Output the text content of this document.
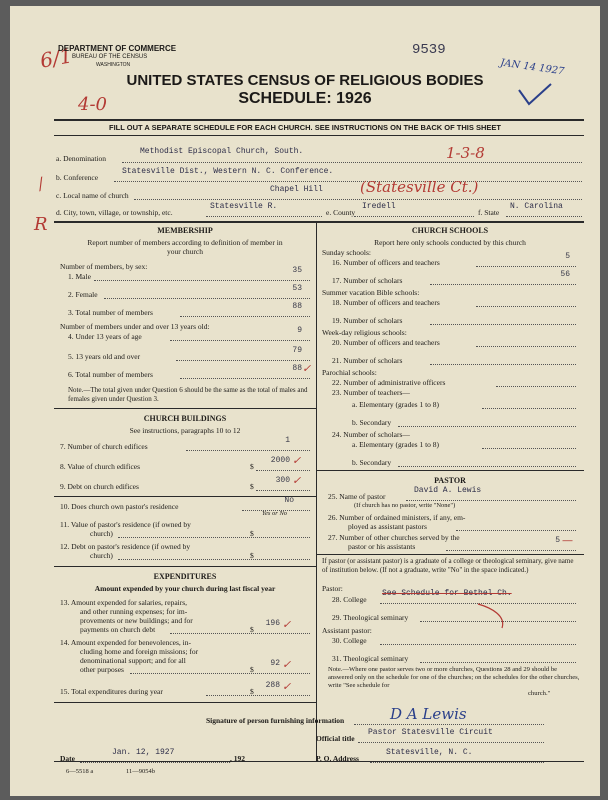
6/1
DEPARTMENT OF COMMERCE
BUREAU OF THE CENSUS
WASHINGTON
9539
JAN 14 1927
UNITED STATES CENSUS OF RELIGIOUS BODIES
SCHEDULE: 1926
4-0
FILL OUT A SEPARATE SCHEDULE FOR EACH CHURCH. SEE INSTRUCTIONS ON THE BACK OF THIS SHEET
a. Denomination
Methodist Episcopal Church, South.	1-3-8
b. Conference
Statesville Dist., Western N. C. Conference.
/
c. Local name of church
Chapel Hill (Statesville Ct.)
R
d. City, town, village, or township, etc.
Statesville R.
e. County
Iredell
f. State
N. Carolina
MEMBERSHIP
Report number of members according to definition of member in your church
Number of members, by sex:
1. Male
35
2. Female
53
3. Total number of members
88
Number of members under and over 13 years old:
4. Under 13 years of age
9
5. 13 years old and over
79
6. Total number of members
88 ✓
Note.—The total given under Question 6 should be the same as the total of males and females given under Question 3.
CHURCH BUILDINGS
See instructions, paragraphs 10 to 12
7. Number of church edifices
1
8. Value of church edifices	$
2000 ✓
9. Debt on church edifices	$
300 ✓
10. Does church own pastor's residence
No
Yes or No
11. Value of pastor's residence (if owned by
church)	$
12. Debt on pastor's residence (if owned by
church)	$
EXPENDITURES
Amount expended by your church during last fiscal year
13. Amount expended for salaries, repairs,
and other running expenses; for im-
provements or new buildings; and for
payments on church debt	$
196 ✓
14. Amount expended for benevolences, in-
cluding home and foreign missions; for
denominational support; and for all
other purposes	$
92 ✓
15. Total expenditures during year	$
288 ✓
CHURCH SCHOOLS
Report here only schools conducted by this church
Sunday schools:
16. Number of officers and teachers
5
17. Number of scholars
56
Summer vacation Bible schools:
18. Number of officers and teachers
19. Number of scholars
Week-day religious schools:
20. Number of officers and teachers
21. Number of scholars
Parochial schools:
22. Number of administrative officers
23. Number of teachers—
a. Elementary (grades 1 to 8)
b. Secondary
24. Number of scholars—
a. Elementary (grades 1 to 8)
b. Secondary
PASTOR
25. Name of pastor
David A. Lewis
(If church has no pastor, write "None")
26. Number of ordained ministers, if any, em-
ployed as assistant pastors
27. Number of other churches served by the
pastor or his assistants
5 —
If pastor (or assistant pastor) is a graduate of a college or theological seminary, give name of institution below. (If not a graduate, write "No" in the space indicated.)
Pastor:
28. College
See Schedule for Bethel Ch.
29. Theological seminary
Assistant pastor:
30. College
31. Theological seminary
Note.—Where one pastor serves two or more churches, Questions 28 and 29 should be answered only on the schedule for one of the churches; on the schedules for the other churches, write "See schedule for
church."
Signature of person furnishing information	D A Lewis
Official title
Pastor Statesville Circuit
Date
Jan. 12, 1927
, 192	P. O. Address
Statesville, N. C.
6—5518 a	11—9054b
